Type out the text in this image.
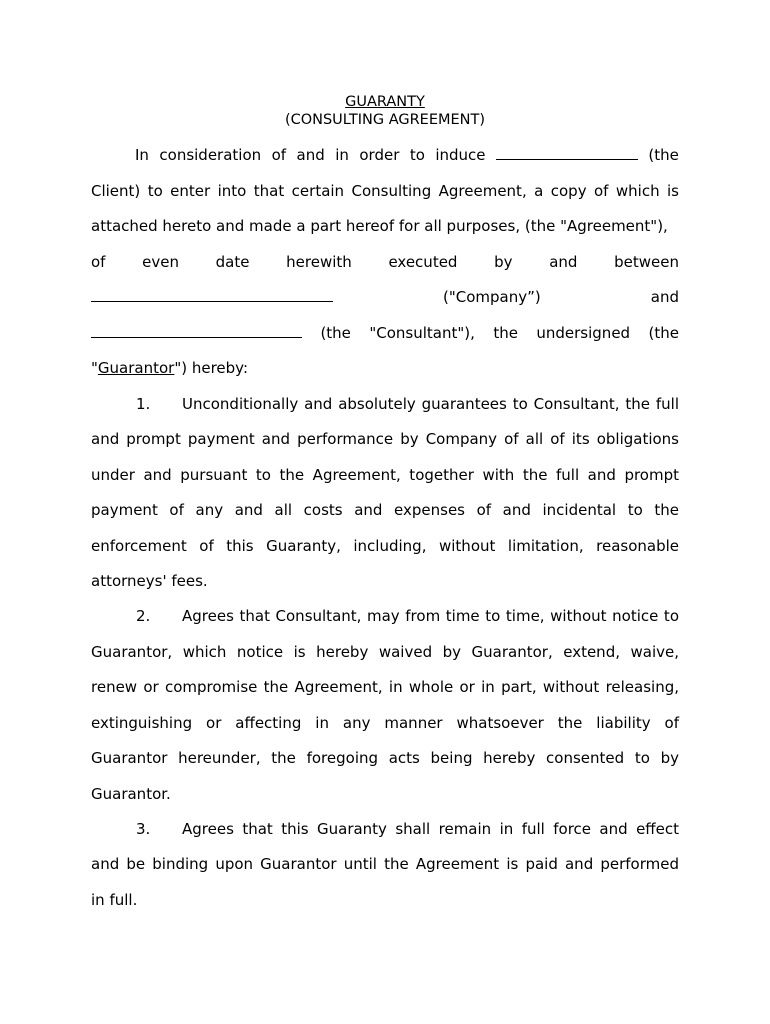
GUARANTY
(CONSULTING AGREEMENT)
In consideration of and in order to induce	(the
Client) to enter into that certain Consulting Agreement, a copy of which is
attached hereto and made a part hereof for all purposes, (the "Agreement"),
of even date herewith executed by and between
("Company”)	and
(the "Consultant"), the undersigned (the
"Guarantor") hereby:
1.	Unconditionally and absolutely guarantees to Consultant, the full
and prompt payment and performance by Company of all of its obligations
under and pursuant to the Agreement, together with the full and prompt
payment of any and all costs and expenses of and incidental to the
enforcement of this Guaranty, including, without limitation, reasonable
attorneys' fees.
2.	Agrees that Consultant, may from time to time, without notice to
Guarantor, which notice is hereby waived by Guarantor, extend, waive,
renew or compromise the Agreement, in whole or in part, without releasing,
extinguishing or affecting in any manner whatsoever the liability of
Guarantor hereunder, the foregoing acts being hereby consented to by
Guarantor.
3.	Agrees that this Guaranty shall remain in full force and effect
and be binding upon Guarantor until the Agreement is paid and performed
in full.
